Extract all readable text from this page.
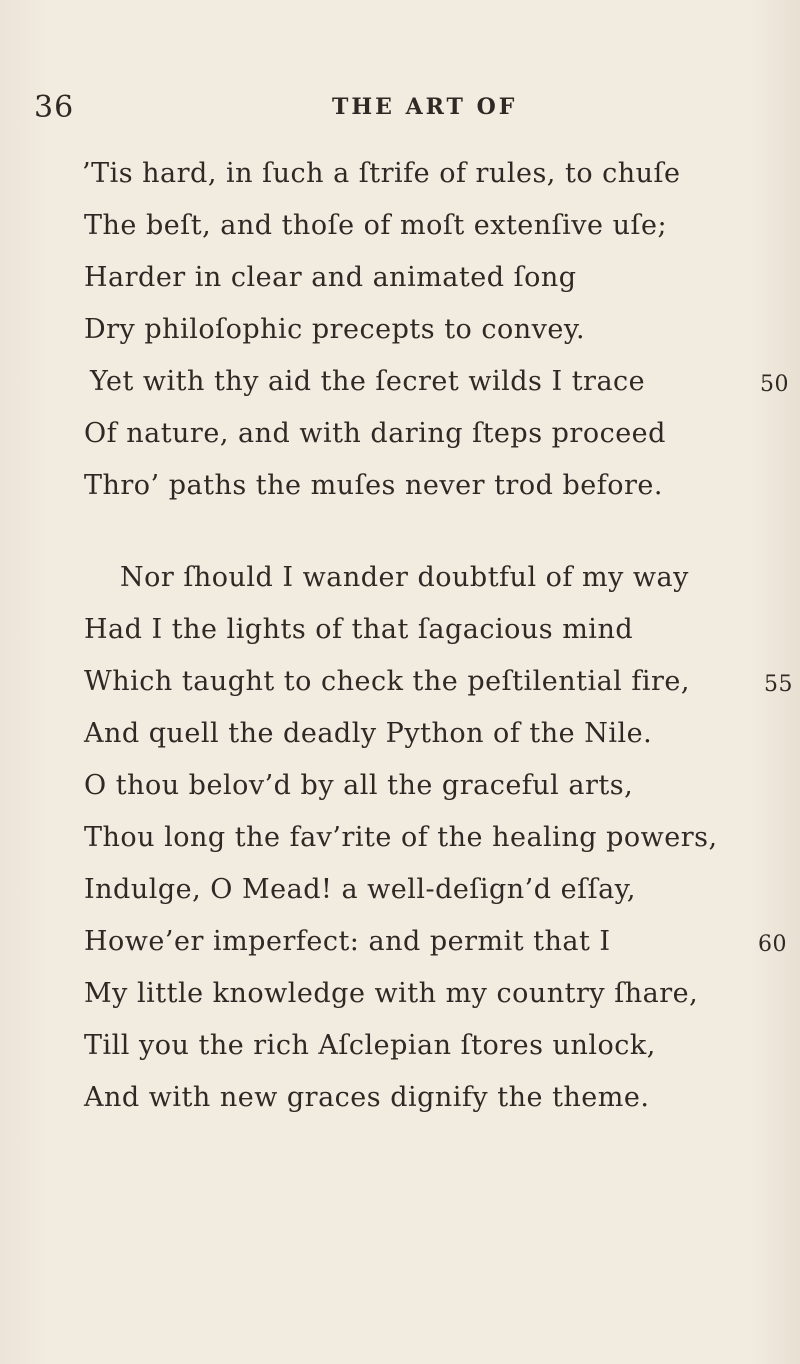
36	THE ART OF
’Tis hard, in ſuch a ſtrife of rules, to chuſe
The beſt, and thoſe of moſt extenſive uſe;
Harder in clear and animated ſong
Dry philoſophic precepts to convey.
Yet with thy aid the ſecret wilds I trace	50
Of nature, and with daring ſteps proceed
Thro’ paths the muſes never trod before.
Nor ſhould I wander doubtful of my way
Had I the lights of that ſagacious mind
Which taught to check the peſtilential fire,	55
And quell the deadly Python of the Nile.
O thou belov’d by all the graceful arts,
Thou long the fav’rite of the healing powers,
Indulge, O Mead! a well-deſign’d eſſay,
Howe’er imperfect: and permit that I	60
My little knowledge with my country ſhare,
Till you the rich Aſclepian ſtores unlock,
And with new graces dignify the theme.
